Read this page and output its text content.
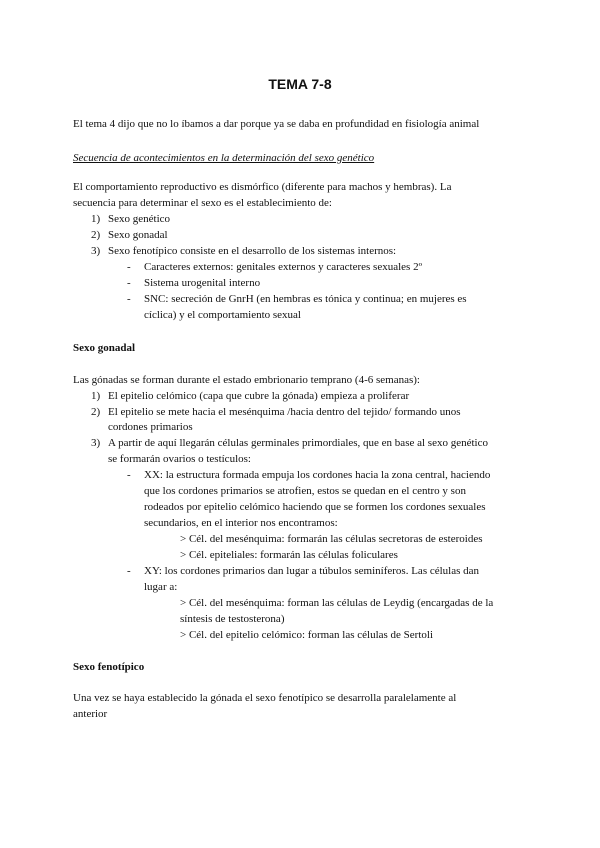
TEMA 7-8
El tema 4 dijo que no lo íbamos a dar porque ya se daba en profundidad en fisiología animal
Secuencia de acontecimientos en la determinación del sexo genético
El comportamiento reproductivo es dismórfico (diferente para machos y hembras). La
secuencia para determinar el sexo es el establecimiento de:
1) Sexo genético
2) Sexo gonadal
3) Sexo fenotípico consiste en el desarrollo de los sistemas internos:
- Caracteres externos: genitales externos y caracteres sexuales 2º
- Sistema urogenital interno
- SNC: secreción de GnrH (en hembras es tónica y continua; en mujeres es
cíclica) y el comportamiento sexual
Sexo gonadal
Las gónadas se forman durante el estado embrionario temprano (4-6 semanas):
1) El epitelio celómico (capa que cubre la gónada) empieza a proliferar
2) El epitelio se mete hacia el mesénquima /hacia dentro del tejido/ formando unos
cordones primarios
3) A partir de aquí llegarán células germinales primordiales, que en base al sexo genético
se formarán ovarios o testículos:
- XX: la estructura formada empuja los cordones hacia la zona central, haciendo
que los cordones primarios se atrofien, estos se quedan en el centro y son
rodeados por epitelio celómico haciendo que se formen los cordones sexuales
secundarios, en el interior nos encontramos:
> Cél. del mesénquima: formarán las células secretoras de esteroides
> Cél. epiteliales: formarán las células foliculares
- XY: los cordones primarios dan lugar a túbulos seminíferos. Las células dan
lugar a:
> Cél. del mesénquima: forman las células de Leydig (encargadas de la
síntesis de testosterona)
> Cél. del epitelio celómico: forman las células de Sertoli
Sexo fenotípico
Una vez se haya establecido la gónada el sexo fenotípico se desarrolla paralelamente al
anterior
